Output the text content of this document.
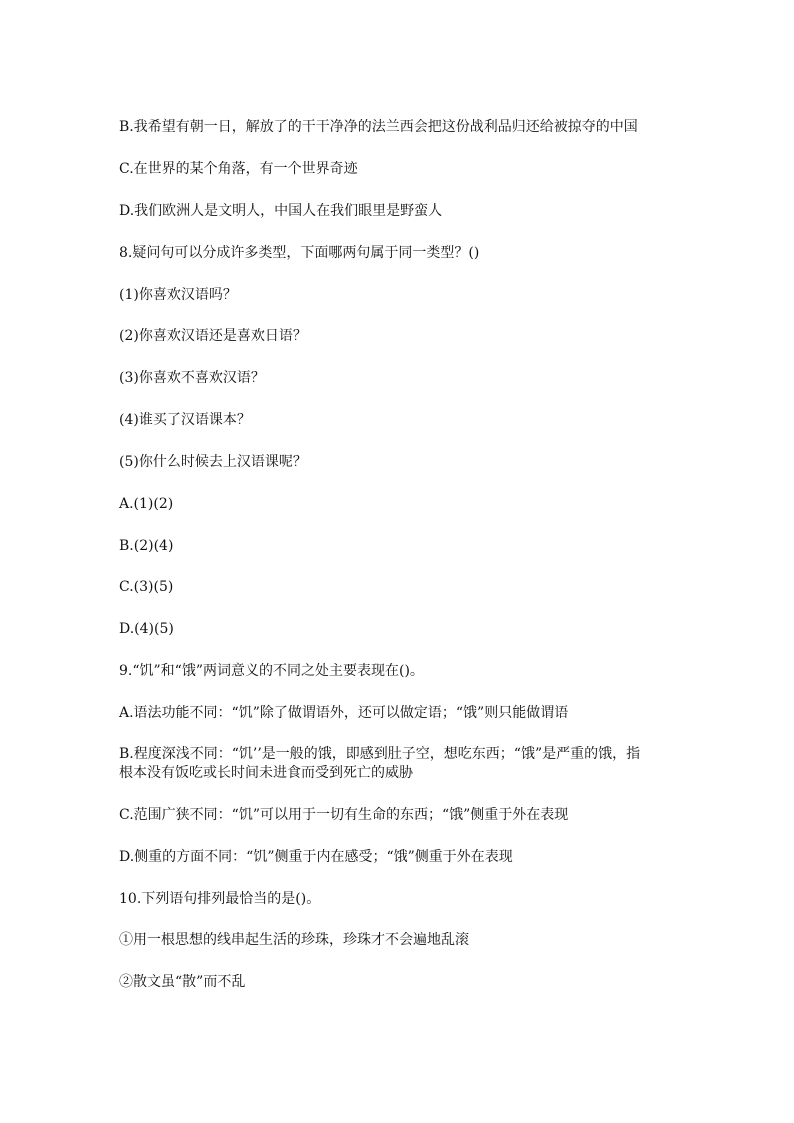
B.我希望有朝一日，解放了的干干净净的法兰西会把这份战利品归还给被掠夺的中国
C.在世界的某个角落，有一个世界奇迹
D.我们欧洲人是文明人，中国人在我们眼里是野蛮人
8.疑问句可以分成许多类型，下面哪两句属于同一类型？()
(1)你喜欢汉语吗？
(2)你喜欢汉语还是喜欢日语？
(3)你喜欢不喜欢汉语？
(4)谁买了汉语课本？
(5)你什么时候去上汉语课呢？
A.(1)(2)
B.(2)(4)
C.(3)(5)
D.(4)(5)
9.“饥”和“饿”两词意义的不同之处主要表现在()。
A.语法功能不同：“饥”除了做谓语外，还可以做定语；“饿”则只能做谓语
B.程度深浅不同：“饥’’是一般的饿，即感到肚子空，想吃东西；“饿”是严重的饿，指
根本没有饭吃或长时间未进食而受到死亡的威胁
C.范围广狭不同：“饥”可以用于一切有生命的东西；“饿”侧重于外在表现
D.侧重的方面不同：“饥”侧重于内在感受；“饿”侧重于外在表现
10.下列语句排列最恰当的是()。
①用一根思想的线串起生活的珍珠，珍珠才不会遍地乱滚
②散文虽“散”而不乱
